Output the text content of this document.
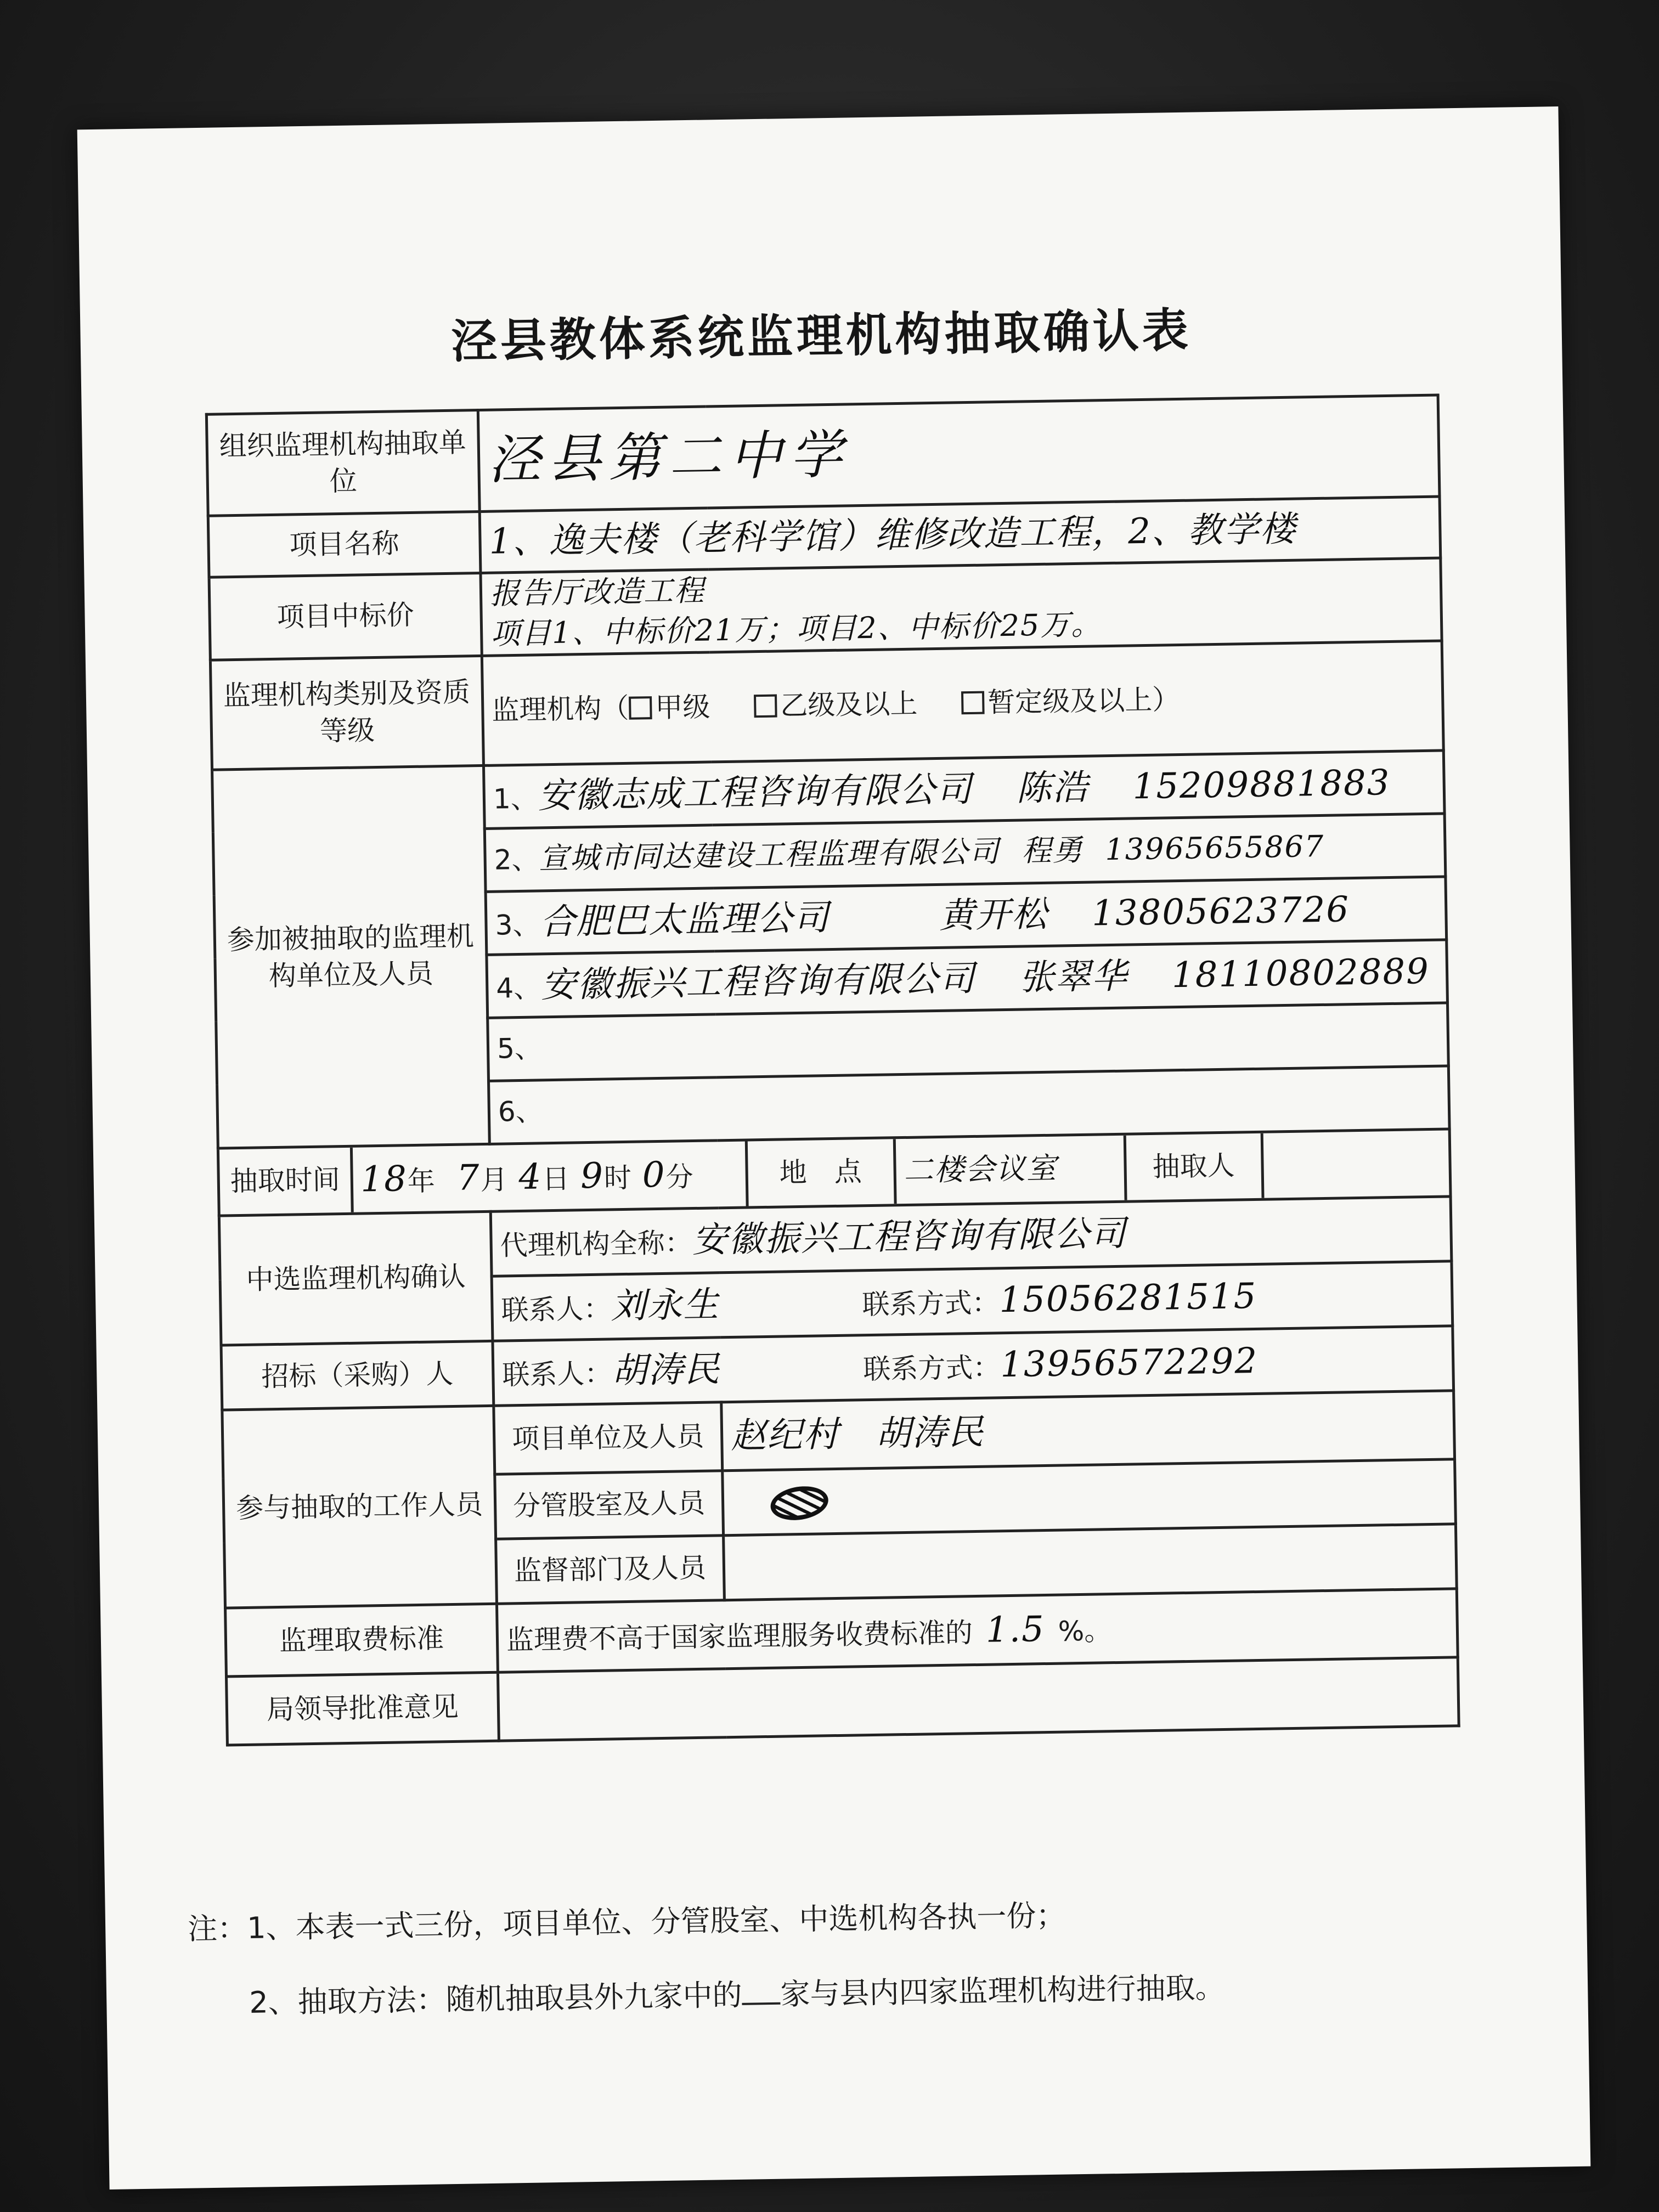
泾县教体系统监理机构抽取确认表
组织监理机构抽取单位	泾县第二中学
项目名称	1、逸夫楼（老科学馆）维修改造工程，2、教学楼
项目中标价	
报告厅改造工程
项目1、中标价21万；项目2、中标价25万。

监理机构类别及资质等级	监理机构（ 甲级	乙级及以上	暂定级及以上）
参加被抽取的监理机构单位及人员	1、安徽志成工程咨询有限公司 陈浩 15209881883
2、宣城市同达建设工程监理有限公司 程勇 13965655867
3、合肥巴太监理公司	黄开松 13805623726
4、安徽振兴工程咨询有限公司 张翠华 18110802889
5、
6、

抽取时间	18年 7月 4日 9时 0分	地　点	二楼会议室	抽取人	

中选监理机构确认	代理机构全称：安徽振兴工程咨询有限公司
联系人：刘永生	联系方式：15056281515
招标（采购）人	联系人：胡涛民	联系方式：13956572292
参与抽取的工作人员	项目单位及人员	赵纪村　胡涛民
分管股室及人员	
监督部门及人员	
监理取费标准	监理费不高于国家监理服务收费标准的 1.5 %。
局领导批准意见	
注：1、本表一式三份，项目单位、分管股室、中选机构各执一份；
2、抽取方法：随机抽取县外九家中的 家与县内四家监理机构进行抽取。
